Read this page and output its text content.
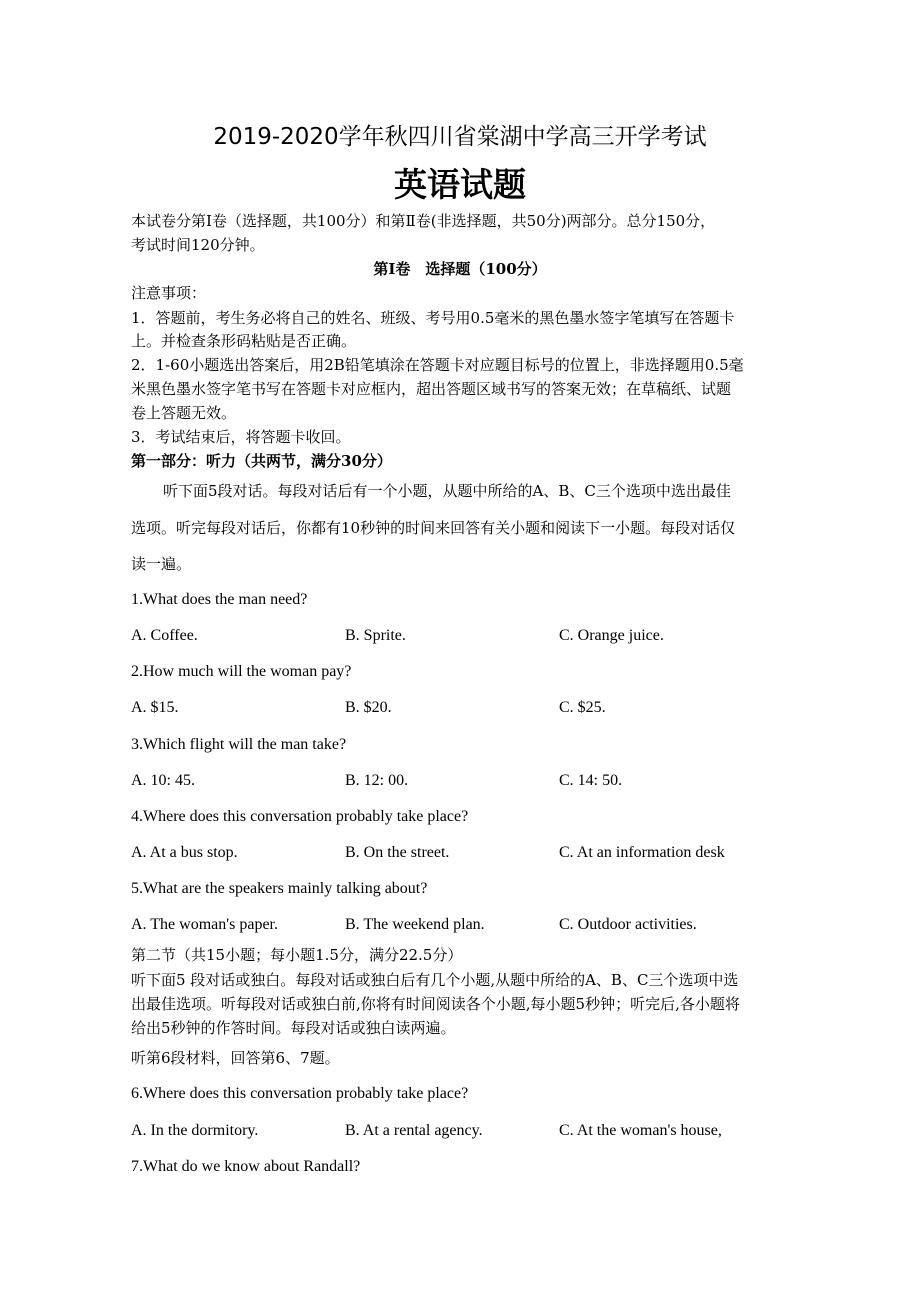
2019-2020学年秋四川省棠湖中学高三开学考试
英语试题
本试卷分第Ⅰ卷（选择题，共100分）和第Ⅱ卷(非选择题，共50分)两部分。总分150分，
考试时间120分钟。
第Ⅰ卷　选择题（100分）
注意事项：
1．答题前，考生务必将自己的姓名、班级、考号用0.5毫米的黑色墨水签字笔填写在答题卡
上。并检查条形码粘贴是否正确。
2．1-60小题选出答案后，用2B铅笔填涂在答题卡对应题目标号的位置上，非选择题用0.5毫
米黑色墨水签字笔书写在答题卡对应框内，超出答题区域书写的答案无效；在草稿纸、试题
卷上答题无效。
3．考试结束后，将答题卡收回。
第一部分：听力（共两节，满分30分）
听下面5段对话。每段对话后有一个小题，从题中所给的A、B、C三个选项中选出最佳
选项。听完每段对话后，你都有10秒钟的时间来回答有关小题和阅读下一小题。每段对话仅
读一遍。
1.What does the man need?
A. Coffee.	B. Sprite.	C. Orange juice.
2.How much will the woman pay?
A. $15.	B. $20.	C. $25.
3.Which flight will the man take?
A. 10: 45.	B. 12: 00.	C. 14: 50.
4.Where does this conversation probably take place?
A. At a bus stop.	B. On the street.	C. At an information desk
5.What are the speakers mainly talking about?
A. The woman's paper.	B. The weekend plan.	C. Outdoor activities.
第二节（共15小题；每小题1.5分，满分22.5分）
听下面5 段对话或独白。每段对话或独白后有几个小题,从题中所给的A、B、C三个选项中选
出最佳选项。听每段对话或独白前,你将有时间阅读各个小题,每小题5秒钟；听完后,各小题将
给出5秒钟的作答时间。每段对话或独白读两遍。
听第6段材料，回答第6、7题。
6.Where does this conversation probably take place?
A. In the dormitory.	B. At a rental agency.	C. At the woman's house,
7.What do we know about Randall?
